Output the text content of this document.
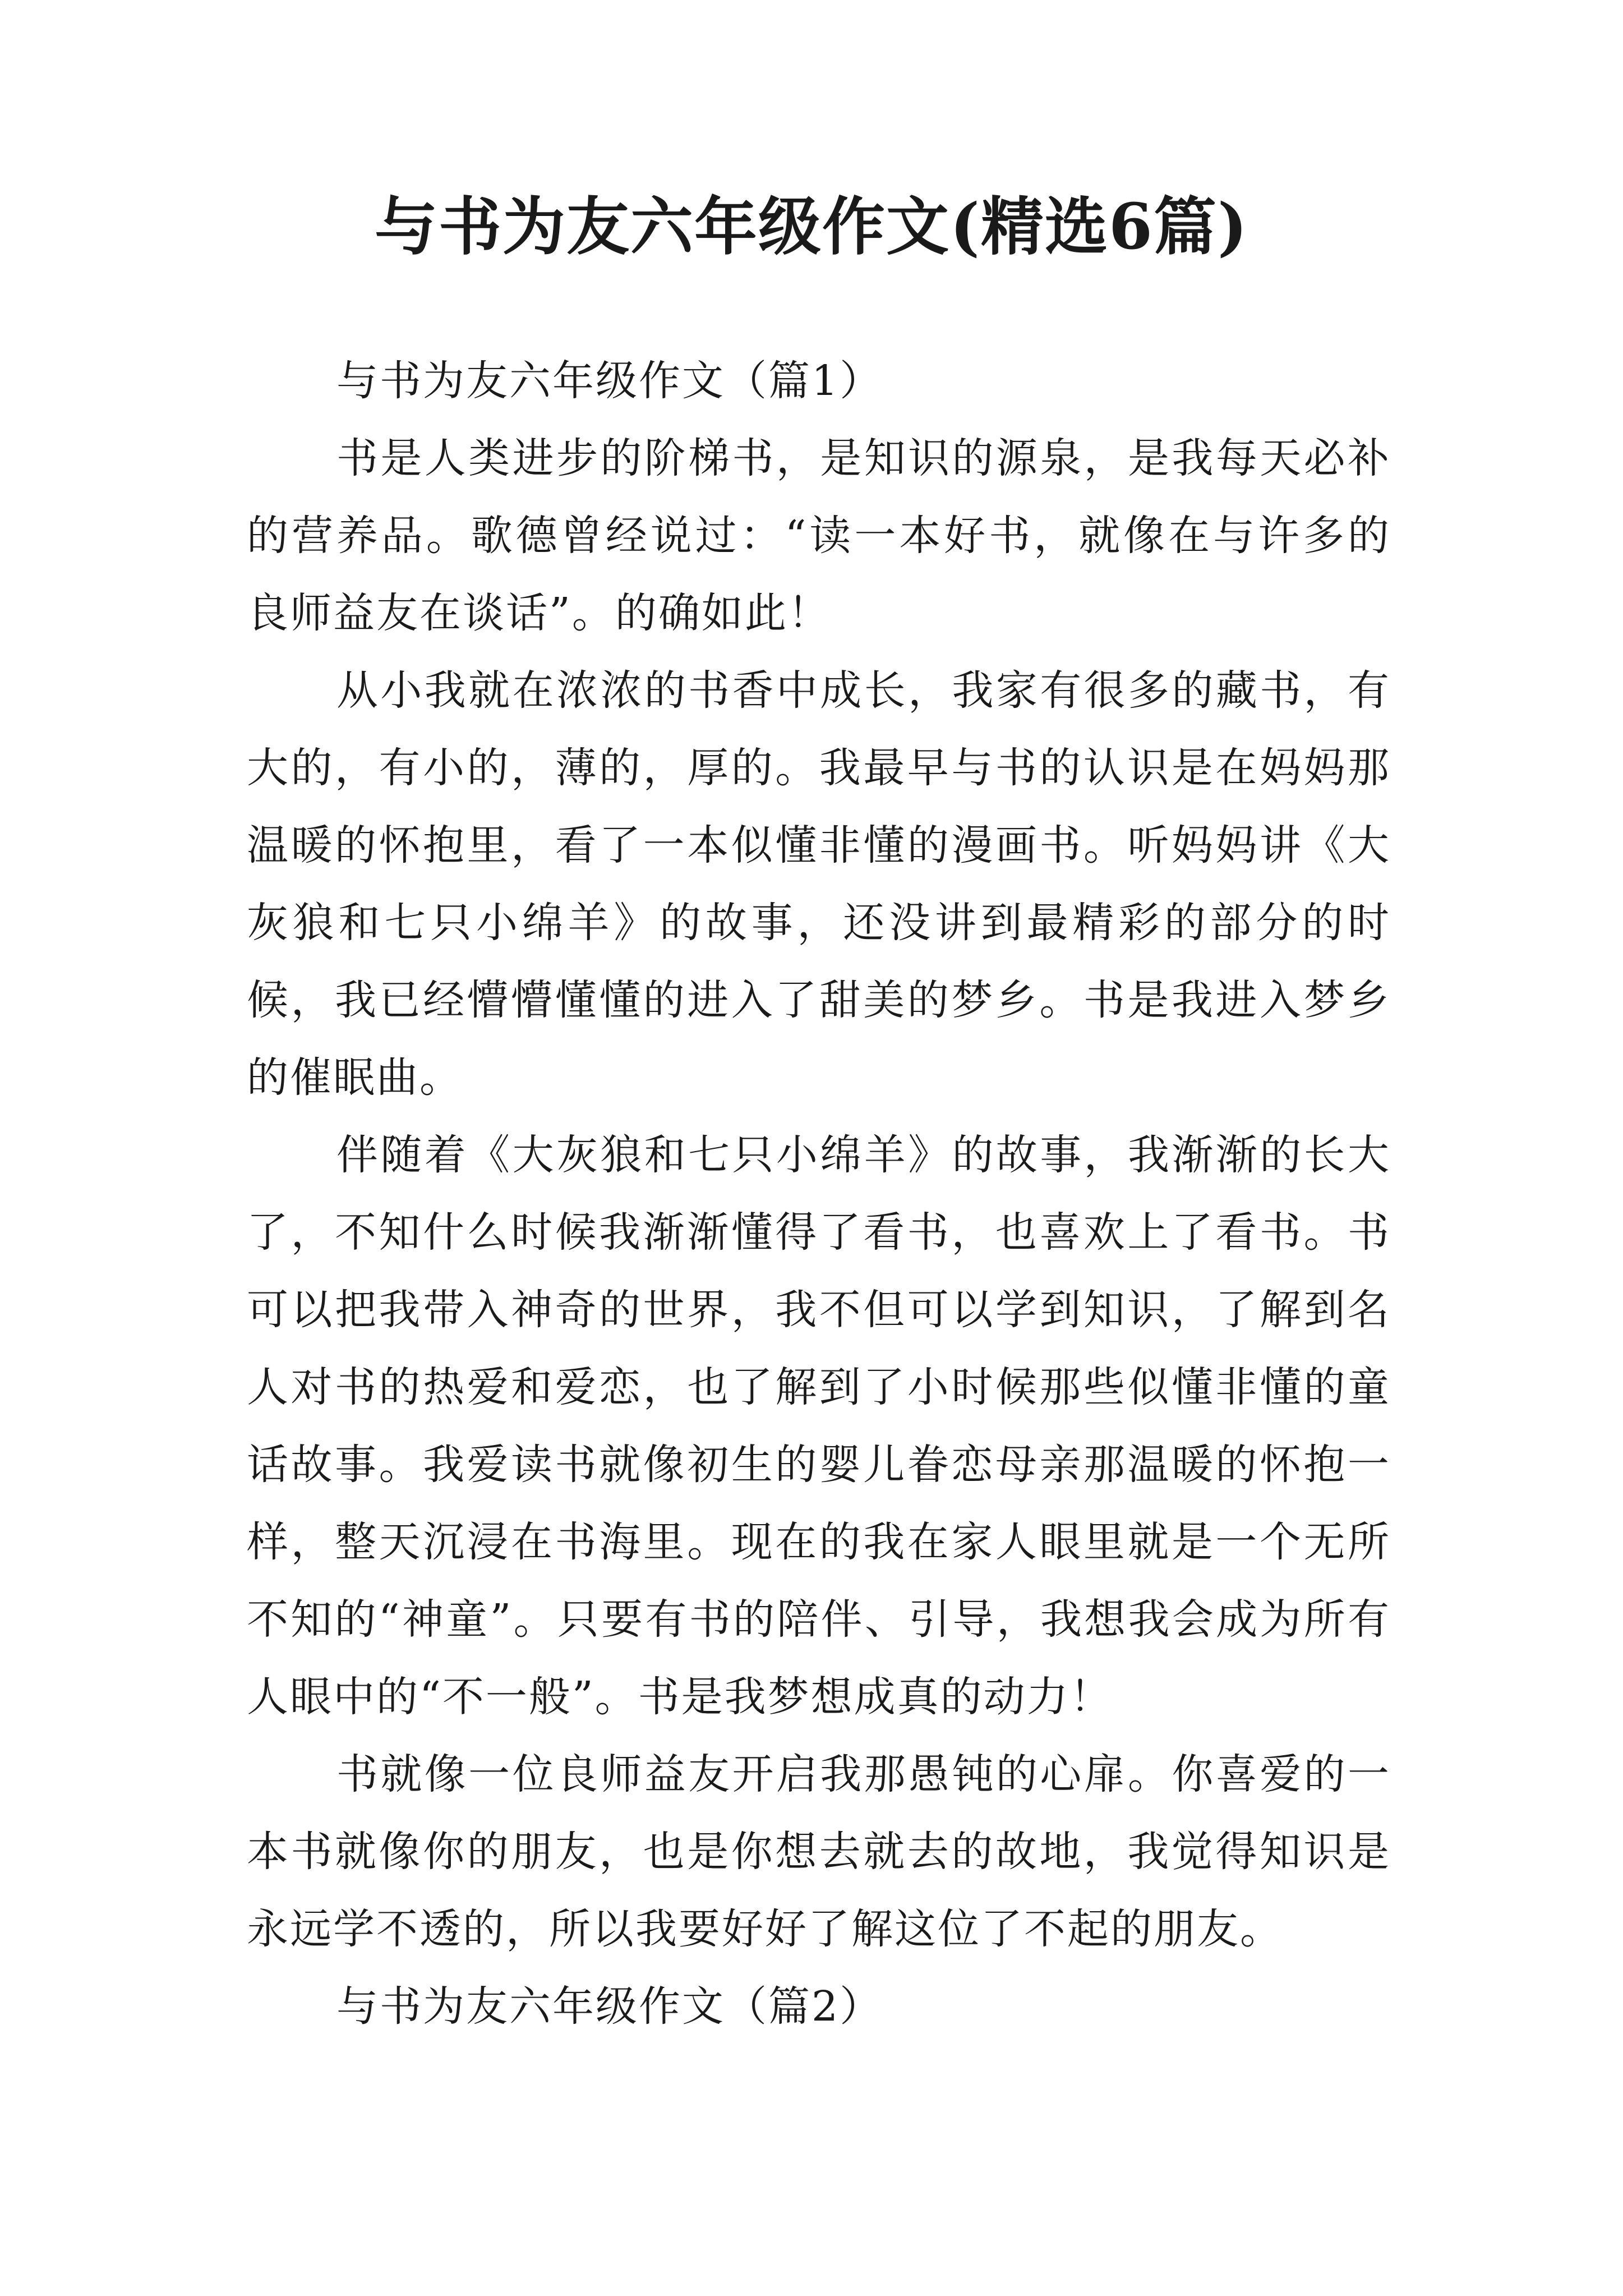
与书为友六年级作文(精选6篇)

与书为友六年级作文（篇1）

书是人类进步的阶梯书，是知识的源泉，是我每天必补的营养品。歌德曾经说过：“读一本好书，就像在与许多的良师益友在谈话”。的确如此！

从小我就在浓浓的书香中成长，我家有很多的藏书，有大的，有小的，薄的，厚的。我最早与书的认识是在妈妈那温暖的怀抱里，看了一本似懂非懂的漫画书。听妈妈讲《大灰狼和七只小绵羊》的故事，还没讲到最精彩的部分的时候，我已经懵懵懂懂的进入了甜美的梦乡。书是我进入梦乡的催眠曲。

伴随着《大灰狼和七只小绵羊》的故事，我渐渐的长大了，不知什么时候我渐渐懂得了看书，也喜欢上了看书。书可以把我带入神奇的世界，我不但可以学到知识，了解到名人对书的热爱和爱恋，也了解到了小时候那些似懂非懂的童话故事。我爱读书就像初生的婴儿眷恋母亲那温暖的怀抱一样，整天沉浸在书海里。现在的我在家人眼里就是一个无所不知的“神童”。只要有书的陪伴、引导，我想我会成为所有人眼中的“不一般”。书是我梦想成真的动力！

书就像一位良师益友开启我那愚钝的心扉。你喜爱的一本书就像你的朋友，也是你想去就去的故地，我觉得知识是永远学不透的，所以我要好好了解这位了不起的朋友。

与书为友六年级作文（篇2）
